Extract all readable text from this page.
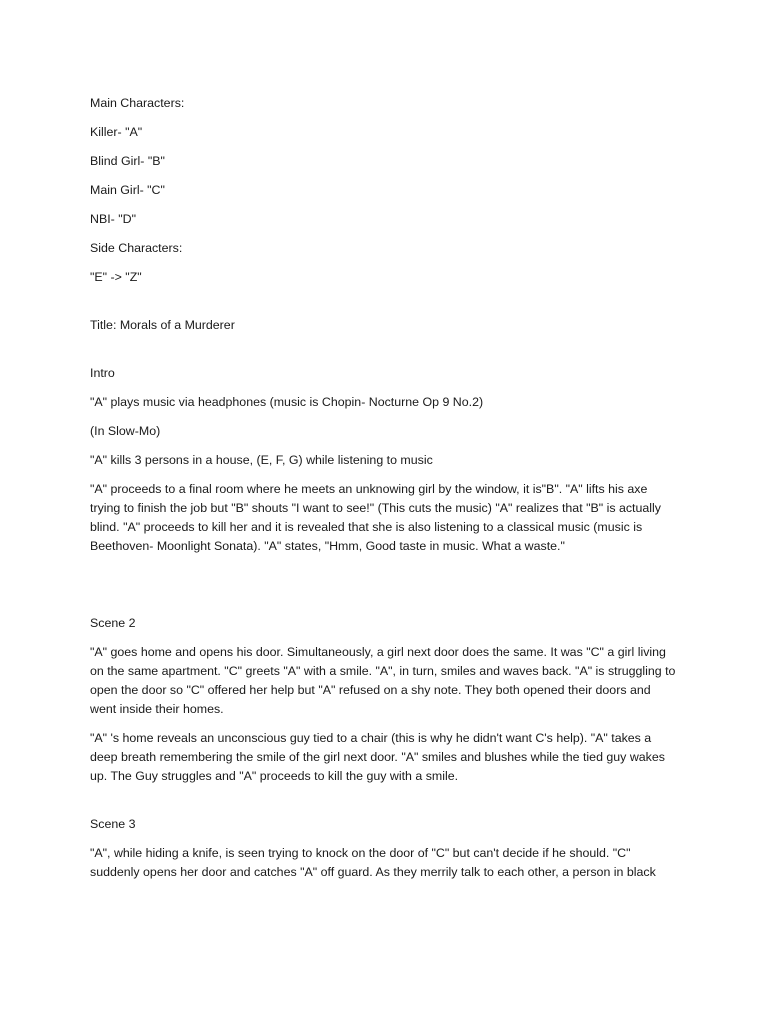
Main Characters:

Killer- "A"

Blind Girl- "B"

Main Girl- "C"

NBI- "D"

Side Characters:

"E" -> "Z"

Title: Morals of a Murderer

Intro

"A" plays music via headphones (music is Chopin- Nocturne Op 9 No.2)

(In Slow-Mo)

"A" kills 3 persons in a house, (E, F, G) while listening to music

"A" proceeds to a final room where he meets an unknowing girl by the window, it is"B". "A" lifts his axe trying to finish the job but "B" shouts "I want to see!" (This cuts the music) "A" realizes that "B" is actually blind. "A" proceeds to kill her and it is revealed that she is also listening to a classical music (music is Beethoven- Moonlight Sonata). "A" states, "Hmm, Good taste in music. What a waste."

Scene 2

"A" goes home and opens his door. Simultaneously, a girl next door does the same. It was "C" a girl living on the same apartment. "C" greets "A" with a smile. "A", in turn, smiles and waves back. "A" is struggling to open the door so "C" offered her help but "A" refused on a shy note. They both opened their doors and went inside their homes.

"A" 's home reveals an unconscious guy tied to a chair (this is why he didn't want C's help). "A" takes a deep breath remembering the smile of the girl next door. "A" smiles and blushes while the tied guy wakes up. The Guy struggles and "A" proceeds to kill the guy with a smile.

Scene 3

"A", while hiding a knife, is seen trying to knock on the door of "C" but can't decide if he should. "C" suddenly opens her door and catches "A" off guard. As they merrily talk to each other, a person in black
